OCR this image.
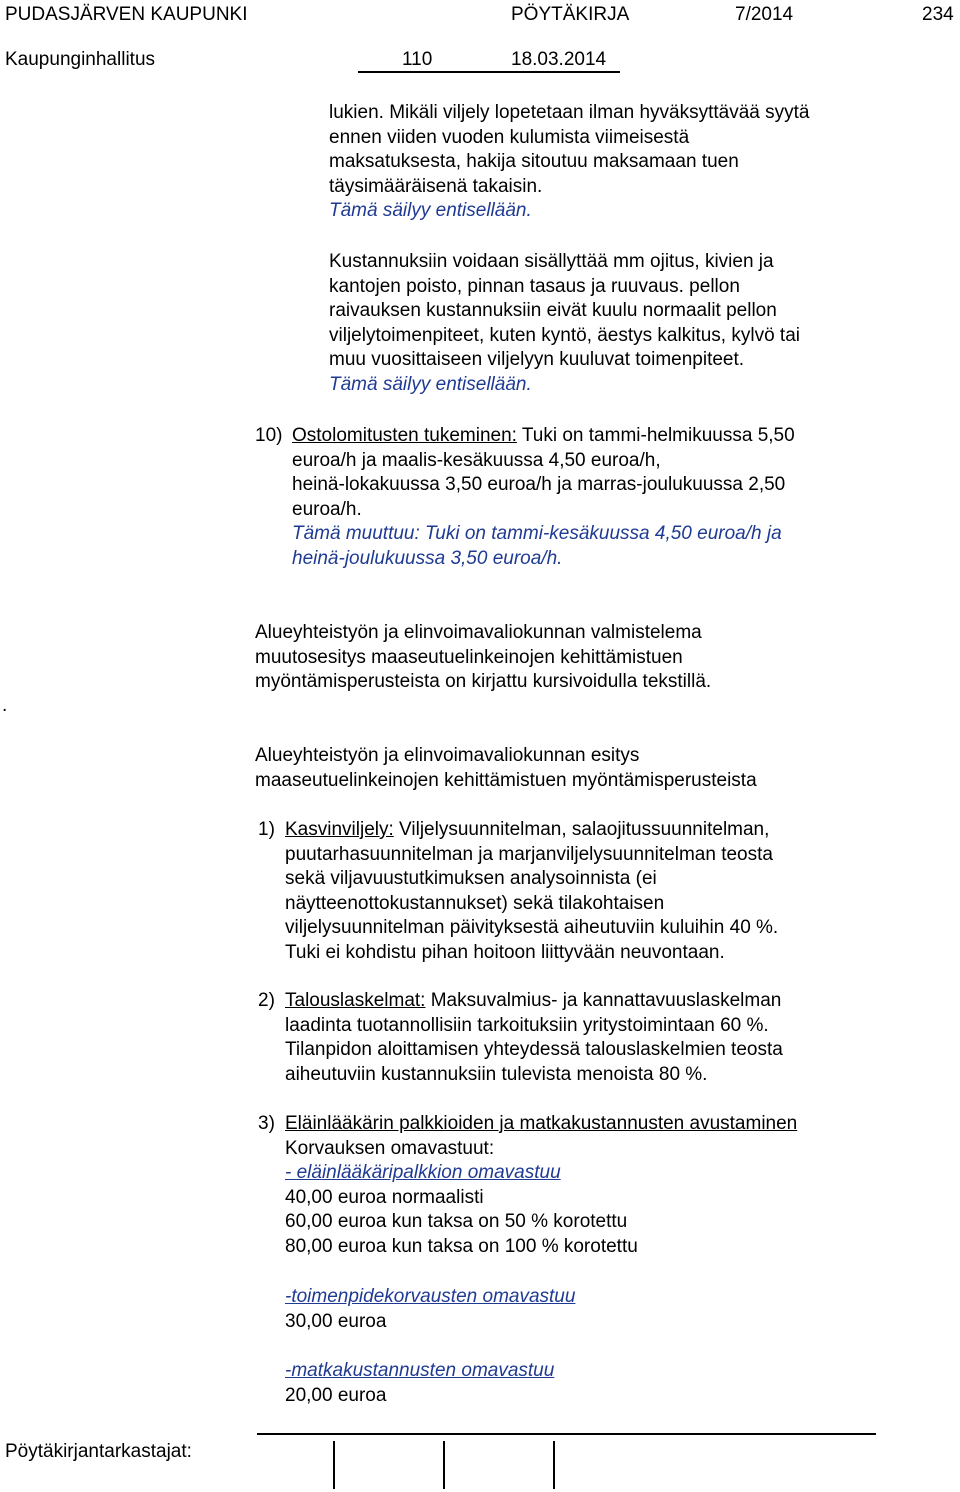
PUDASJÄRVEN KAUPUNKI	PÖYTÄKIRJA	7/2014	234
Kaupunginhallitus	110	18.03.2014
lukien. Mikäli viljely lopetetaan ilman hyväksyttävää syytä
ennen viiden vuoden kulumista viimeisestä
maksatuksesta, hakija sitoutuu maksamaan tuen
täysimääräisenä takaisin.
Tämä säilyy entisellään.
Kustannuksiin voidaan sisällyttää mm ojitus, kivien ja
kantojen poisto, pinnan tasaus ja ruuvaus. pellon
raivauksen kustannuksiin eivät kuulu normaalit pellon
viljelytoimenpiteet, kuten kyntö, äestys kalkitus, kylvö tai
muu vuosittaiseen viljelyyn kuuluvat toimenpiteet.
Tämä säilyy entisellään.
10) Ostolomitusten tukeminen: Tuki on tammi-helmikuussa 5,50
euroa/h ja maalis-kesäkuussa 4,50 euroa/h,
heinä-lokakuussa 3,50 euroa/h ja marras-joulukuussa 2,50
euroa/h.
Tämä muuttuu: Tuki on tammi-kesäkuussa 4,50 euroa/h ja
heinä-joulukuussa 3,50 euroa/h.
.
Alueyhteistyön ja elinvoimavaliokunnan valmistelema
muutosesitys maaseutuelinkeinojen kehittämistuen
myöntämisperusteista on kirjattu kursivoidulla tekstillä.
Alueyhteistyön ja elinvoimavaliokunnan esitys
maaseutuelinkeinojen kehittämistuen myöntämisperusteista
1) Kasvinviljely: Viljelysuunnitelman, salaojitussuunnitelman,
puutarhasuunnitelman ja marjanviljelysuunnitelman teosta
sekä viljavuustutkimuksen analysoinnista (ei
näytteenottokustannukset) sekä tilakohtaisen
viljelysuunnitelman päivityksestä aiheutuviin kuluihin 40 %.
Tuki ei kohdistu pihan hoitoon liittyvään neuvontaan.
2) Talouslaskelmat: Maksuvalmius- ja kannattavuuslaskelman
laadinta tuotannollisiin tarkoituksiin yritystoimintaan 60 %.
Tilanpidon aloittamisen yhteydessä talouslaskelmien teosta
aiheutuviin kustannuksiin tulevista menoista 80 %.
3) Eläinlääkärin palkkioiden ja matkakustannusten avustaminen
Korvauksen omavastuut:
- eläinlääkäripalkkion omavastuu
40,00 euroa normaalisti
60,00 euroa kun taksa on 50 % korotettu
80,00 euroa kun taksa on 100 % korotettu
-toimenpidekorvausten omavastuu
30,00 euroa
-matkakustannusten omavastuu
20,00 euroa
Pöytäkirjantarkastajat:
